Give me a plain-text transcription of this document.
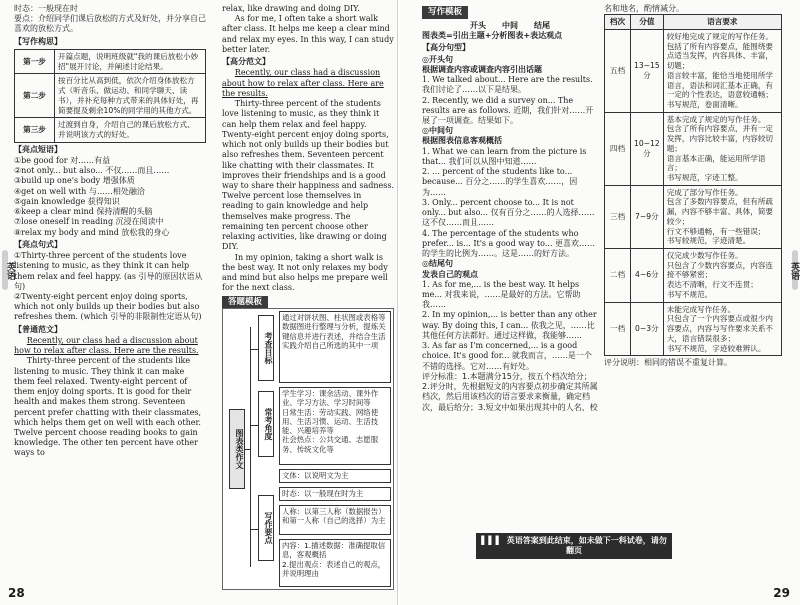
英语
时态：一般现在时
要点：介绍同学们课后放松的方式及好处，并分享自己喜欢的放松方式。
【写作构思】
第一步	开篇点题，说明班级就"我的课后放松小妙招"展开讨论，并阐述讨论结果。
第二步	按百分比从高到低，依次介绍身体放松方式（听音乐、做运动、和同学聊天、读书），并补充每种方式带来的具体好处，再简要提及剩余10%的同学用的其他方式。
第三步	过渡到自身，介绍自己的课后放松方式、并说明该方式的好处。
【亮点短语】
①be good for 对……有益
②not only... but also... 不仅……而且……
③build up one's body 增强体质
④get on well with 与……相处融洽
⑤gain knowledge 获得知识
⑥keep a clear mind 保持清醒的头脑
⑦lose oneself in reading 沉浸在阅读中
⑧relax my body and mind 放松我的身心
【亮点句式】
①Thirty-three percent of the students love listening to music, as they think it can help them relax and feel happy. (as 引导的原因状语从句)
②Twenty-eight percent enjoy doing sports, which not only builds up their bodies but also refreshes them. (which 引导的非限制性定语从句)
【普通范文】
Recently, our class had a discussion about how to relax after class. Here are the results.
Thirty-three percent of the students like listening to music. They think it can make them feel relaxed. Twenty-eight percent of them enjoy doing sports. It is good for their health and makes them strong. Seventeen percent prefer chatting with their classmates, which helps them get on well with each other. Twelve percent choose reading books to gain knowledge. The other ten percent have other ways to
relax, like drawing and doing DIY.
As for me, I often take a short walk after class. It helps me keep a clear mind and relax my eyes. In this way, I can study better later.
【高分范文】
Recently, our class had a discussion about how to relax after class. Here are the results.
Thirty-three percent of the students love listening to music, as they think it can help them relax and feel happy. Twenty-eight percent enjoy doing sports, which not only builds up their bodies but also refreshes them. Seventeen percent like chatting with their classmates. It improves their friendships and is a good way to share their happiness and sadness. Twelve percent lose themselves in reading to gain knowledge and help themselves make progress. The remaining ten percent choose other relaxing activities, like drawing or doing DIY.
In my opinion, taking a short walk is the best way. It not only relaxes my body and mind but also helps me prepare well for the next class.
答题模板
图表类作文
考查目标
通过对饼状图、柱状图或表格等数据图进行整理与分析，提炼关键信息并进行表述，并结合生活实践介绍自己所选的其中一项
常考角度
学生学习：课余活动、课外作业、学习方法、学习时间等
日常生活：劳动实践、网络使用、生活习惯、运动、生活技能、兴趣培养等
社会热点：公共交通、志愿服务、传统文化等
写作要点
文体：以说明文为主
时态：以一般现在时为主
人称：以第三人称（数据报告）和第一人称（自己的选择）为主
内容：1.描述数据：准确提取信息，客观概括
2.提出观点：表述自己的观点，并说明理由
28
英语
写作模板
开头　　中间　　结尾
图表类=引出主题+分析图表+表达观点
【高分句型】
◎开头句
根据调查内容或调查内容引出话题
1. We talked about... Here are the results. 我们讨论了……以下是结果。
2. Recently, we did a survey on... The results are as follows. 近期，我们针对……开展了一项调查。结果如下。
◎中间句
根据图表信息客观概括
1. What we can learn from the picture is that... 我们可以从图中知道……
2. ... percent of the students like to... because... 百分之……的学生喜欢……，因为……
3. Only... percent choose to... It is not only... but also... 仅有百分之……的人选择……这不仅……而且……
4. The percentage of the students who prefer... is... It's a good way to... 更喜欢……的学生的比例为……。这是……的好方法。
◎结尾句
发表自己的观点
1. As for me,... is the best way. It helps me... 对我来说，……是最好的方法。它帮助我……
2. In my opinion,... is better than any other way. By doing this, I can... 依我之见，……比其他任何方法都好。通过这样做，我能够……
3. As far as I'm concerned,... is a good choice. It's good for... 就我而言，……是一个不错的选择。它对……有好处。
评分标准：1.本题满分15分，按五个档次给分；
2.评分时，先根据短文的内容要点初步确定其所属档次，然后用该档次的语言要求来衡量，确定档次，最后给分；3.短文中如果出现其中的人名、校
▌▌▌ 英语答案到此结束，如未做下一科试卷，请勿翻页
名和地名，酌情减分。
档次	分值	语言要求
五档	13~15分	较好地完成了规定的写作任务。
包括了所有内容要点，能围绕要点适当发挥，内容具体、丰富，切题；
语言较丰富，能恰当地使用所学语言，语法和词汇基本正确，有一定的个性表达，语意较通畅；
书写规范，卷面清晰。
四档	10~12分	基本完成了规定的写作任务。
包含了所有内容要点，并有一定发挥，内容比较丰富，内容较切题；
语言基本正确，能运用所学语言；
书写规范，字迹工整。
三档	7~9分	完成了部分写作任务。
包含了多数内容要点，但有所疏漏，内容不够丰富、具体，简要较少；
行文不够通畅，有一些错误；
书写较规范，字迹清楚。
二档	4~6分	仅完成少数写作任务。
只包含了少数内容要点，内容连接不够紧密；
表达不清晰，行文不连贯；
书写不规范。
一档	0~3分	未能完成写作任务。
只包含了一个内容要点或很少内容要点，内容与写作要求关系不大，语言错误很多；
书写不规范，字迹较难辨认。
评分说明：相同的错误不重复计算。
29
